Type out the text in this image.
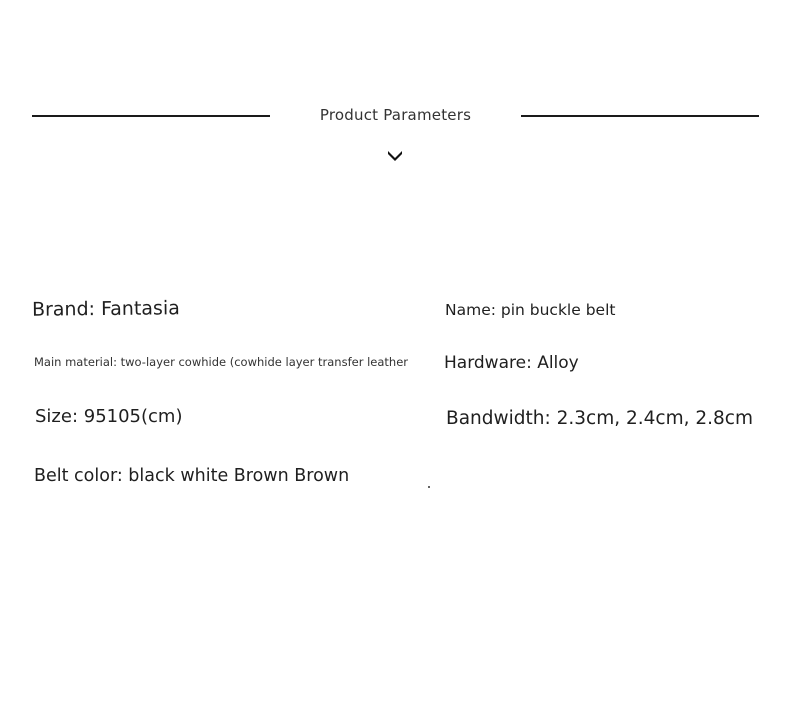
Product Parameters
Brand: Fantasia	Name: pin buckle belt
Main material: two-layer cowhide (cowhide layer transfer leather Hardware: Alloy
Size: 95105(cm)	Bandwidth: 2.3cm, 2.4cm, 2.8cm
Belt color: black white Brown Brown
